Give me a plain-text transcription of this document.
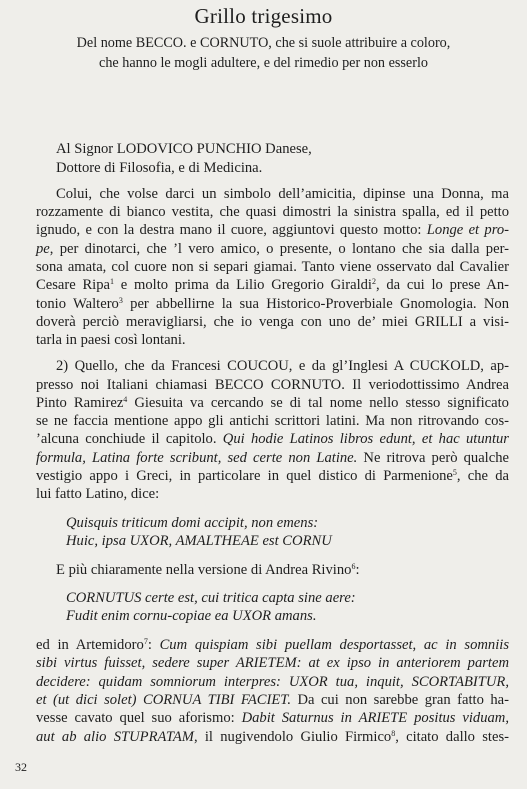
Grillo trigesimo
Del nome BECCO. e CORNUTO, che si suole attribuire a coloro,
che hanno le mogli adultere, e del rimedio per non esserlo
Al Signor LODOVICO PUNCHIO Danese,
Dottore di Filosofia, e di Medicina.
Colui, che volse darci un simbolo dell’amicitia, dipinse una Donna, ma
rozzamente di bianco vestita, che quasi dimostri la sinistra spalla, ed il petto
ignudo, e con la destra mano il cuore, aggiuntovi questo motto: Longe et pro-
pe, per dinotarci, che ’l vero amico, o presente, o lontano che sia dalla per-
sona amata, col cuore non si separi giamai. Tanto viene osservato dal Cavalier
Cesare Ripa$^1$ e molto prima da Lilio Gregorio Giraldi$^2$, da cui lo prese An-
tonio Waltero$^3$ per abbellirne la sua Historico-Proverbiale Gnomologia. Non
doverà perciò meravigliarsi, che io venga con uno de’ miei GRILLI a visi-
tarla in paesi così lontani.
2) Quello, che da Francesi COUCOU, e da gl’Inglesi A CUCKOLD, ap-
presso noi Italiani chiamasi BECCO CORNUTO. Il veriodottissimo Andrea
Pinto Ramirez$^4$ Giesuita va cercando se di tal nome nello stesso significato
se ne faccia mentione appo gli antichi scrittori latini. Ma non ritrovando cos-
’alcuna conchiude il capitolo. Qui hodie Latinos libros edunt, et hac utuntur
formula, Latina forte scribunt, sed certe non Latine. Ne ritrova però qualche
vestigio appo i Greci, in particolare in quel distico di Parmenione$^5$, che da
lui fatto Latino, dice:
Quisquis triticum domi accipit, non emens:
Huic, ipsa UXOR, AMALTHEAE est CORNU
E più chiaramente nella versione di Andrea Rivino$^6$:
CORNUTUS certe est, cui tritica capta sine aere:
Fudit enim cornu-copiae ea UXOR amans.
ed in Artemidoro$^7$: Cum quispiam sibi puellam desportasset, ac in somniis
sibi virtus fuisset, sedere super ARIETEM: at ex ipso in anteriorem partem
decidere: quidam somniorum interpres: UXOR tua, inquit, SCORTABITUR,
et (ut dici solet) CORNUA TIBI FACIET. Da cui non sarebbe gran fatto ha-
vesse cavato quel suo aforismo: Dabit Saturnus in ARIETE positus viduam,
aut ab alio STUPRATAM, il nugivendolo Giulio Firmico$^8$, citato dallo stes-
32
